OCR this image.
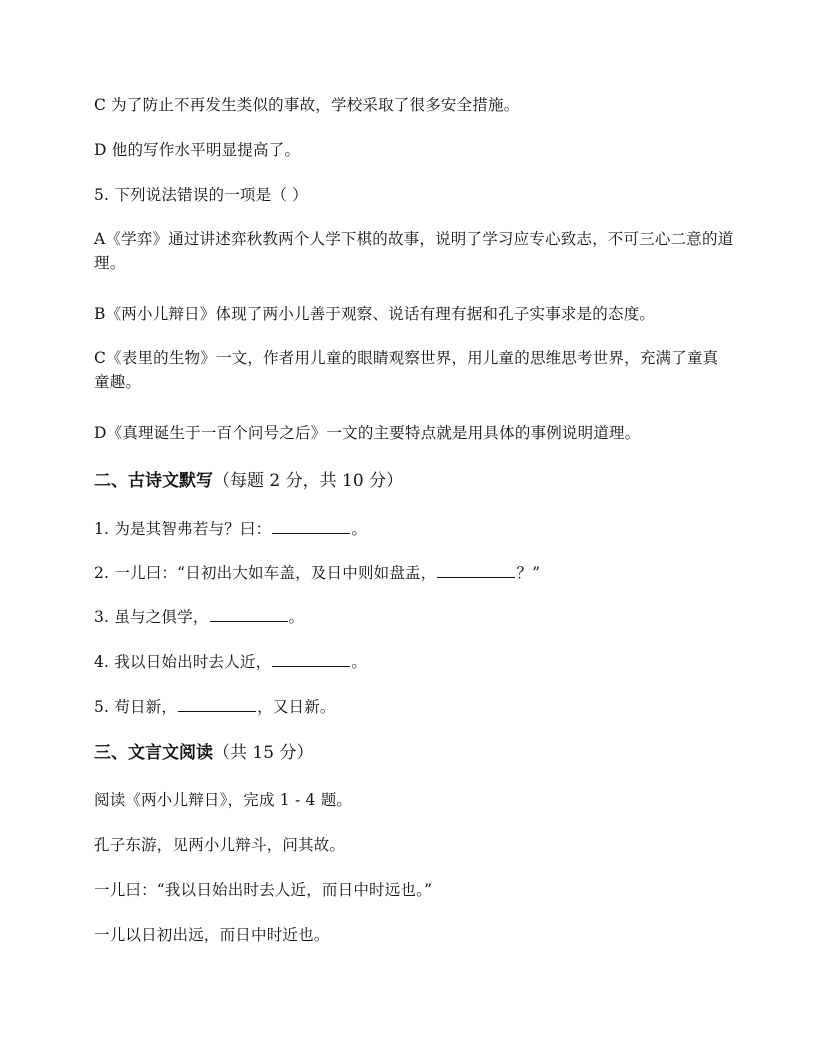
C 为了防止不再发生类似的事故，学校采取了很多安全措施。
D 他的写作水平明显提高了。
5. 下列说法错误的一项是（ ）
A《学弈》通过讲述弈秋教两个人学下棋的故事，说明了学习应专心致志，不可三心二意的道理。
B《两小儿辩日》体现了两小儿善于观察、说话有理有据和孔子实事求是的态度。
C《表里的生物》一文，作者用儿童的眼睛观察世界，用儿童的思维思考世界，充满了童真童趣。
D《真理诞生于一百个问号之后》一文的主要特点就是用具体的事例说明道理。
二、古诗文默写（每题 2 分，共 10 分）
1. 为是其智弗若与？曰：	。
2. 一儿曰：“日初出大如车盖，及日中则如盘盂，	？”
3. 虽与之俱学，	。
4. 我以日始出时去人近，	。
5. 苟日新，	，又日新。
三、文言文阅读（共 15 分）
阅读《两小儿辩日》，完成 1 - 4 题。
孔子东游，见两小儿辩斗，问其故。
一儿曰：“我以日始出时去人近，而日中时远也。”
一儿以日初出远，而日中时近也。
